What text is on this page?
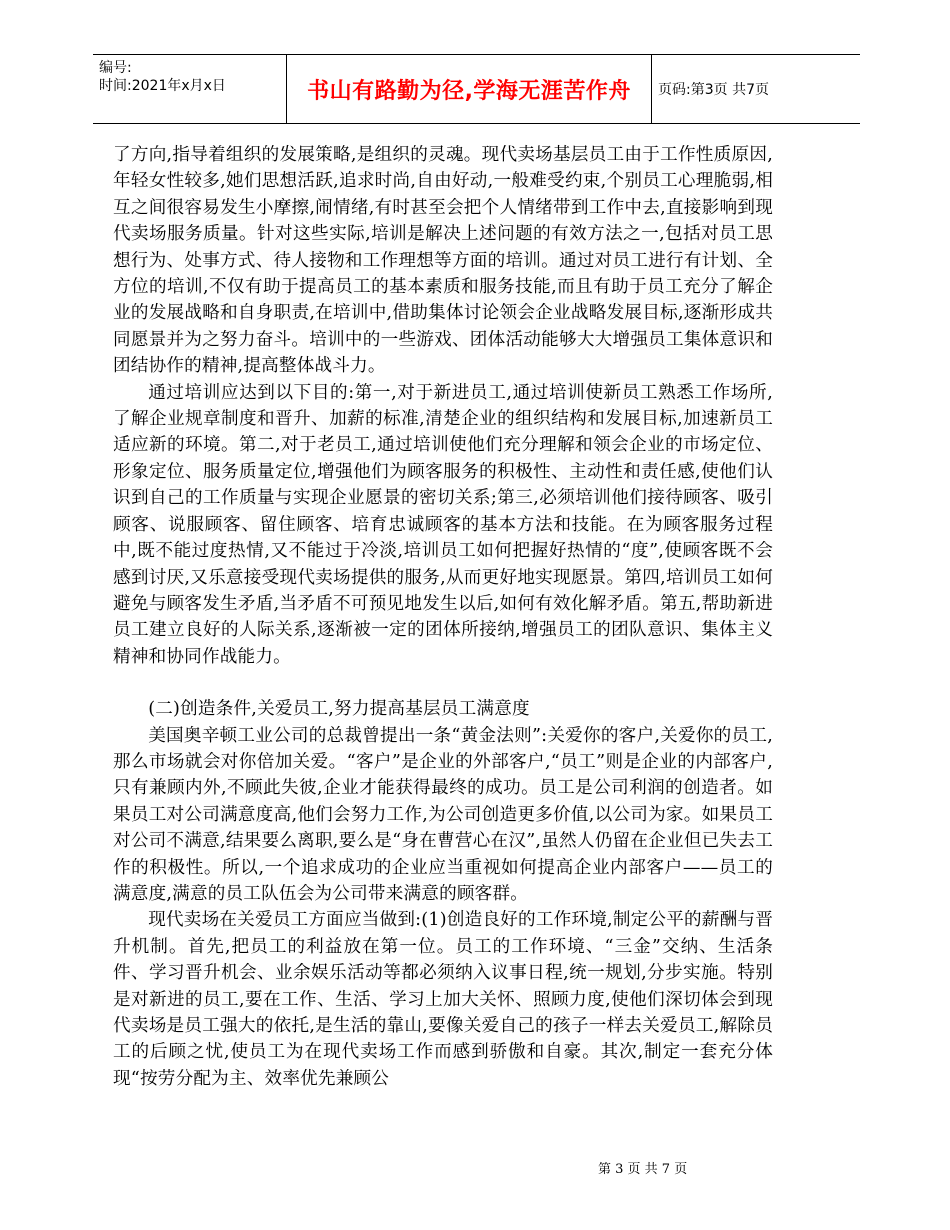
编号:
时间:2021年x月x日	书山有路勤为径,学海无涯苦作舟	页码:第3页 共7页

了方向,指导着组织的发展策略,是组织的灵魂。现代卖场基层员工由于工作性质原因,年轻女性较多,她们思想活跃,追求时尚,自由好动,一般难受约束,个别员工心理脆弱,相互之间很容易发生小摩擦,闹情绪,有时甚至会把个人情绪带到工作中去,直接影响到现代卖场服务质量。针对这些实际,培训是解决上述问题的有效方法之一,包括对员工思想行为、处事方式、待人接物和工作理想等方面的培训。通过对员工进行有计划、全方位的培训,不仅有助于提高员工的基本素质和服务技能,而且有助于员工充分了解企业的发展战略和自身职责,在培训中,借助集体讨论领会企业战略发展目标,逐渐形成共同愿景并为之努力奋斗。培训中的一些游戏、团体活动能够大大增强员工集体意识和团结协作的精神,提高整体战斗力。

通过培训应达到以下目的:第一,对于新进员工,通过培训使新员工熟悉工作场所,了解企业规章制度和晋升、加薪的标准,清楚企业的组织结构和发展目标,加速新员工适应新的环境。第二,对于老员工,通过培训使他们充分理解和领会企业的市场定位、形象定位、服务质量定位,增强他们为顾客服务的积极性、主动性和责任感,使他们认识到自己的工作质量与实现企业愿景的密切关系;第三,必须培训他们接待顾客、吸引顾客、说服顾客、留住顾客、培育忠诚顾客的基本方法和技能。在为顾客服务过程中,既不能过度热情,又不能过于冷淡,培训员工如何把握好热情的“度”,使顾客既不会感到讨厌,又乐意接受现代卖场提供的服务,从而更好地实现愿景。第四,培训员工如何避免与顾客发生矛盾,当矛盾不可预见地发生以后,如何有效化解矛盾。第五,帮助新进员工建立良好的人际关系,逐渐被一定的团体所接纳,增强员工的团队意识、集体主义精神和协同作战能力。

(二)创造条件,关爱员工,努力提高基层员工满意度

美国奥辛顿工业公司的总裁曾提出一条“黄金法则”:关爱你的客户,关爱你的员工,那么市场就会对你倍加关爱。“客户”是企业的外部客户,“员工”则是企业的内部客户,只有兼顾内外,不顾此失彼,企业才能获得最终的成功。员工是公司利润的创造者。如果员工对公司满意度高,他们会努力工作,为公司创造更多价值,以公司为家。如果员工对公司不满意,结果要么离职,要么是“身在曹营心在汉”,虽然人仍留在企业但已失去工作的积极性。所以,一个追求成功的企业应当重视如何提高企业内部客户——员工的满意度,满意的员工队伍会为公司带来满意的顾客群。

现代卖场在关爱员工方面应当做到:(1)创造良好的工作环境,制定公平的薪酬与晋升机制。首先,把员工的利益放在第一位。员工的工作环境、“三金”交纳、生活条件、学习晋升机会、业余娱乐活动等都必须纳入议事日程,统一规划,分步实施。特别是对新进的员工,要在工作、生活、学习上加大关怀、照顾力度,使他们深切体会到现代卖场是员工强大的依托,是生活的靠山,要像关爱自己的孩子一样去关爱员工,解除员工的后顾之忧,使员工为在现代卖场工作而感到骄傲和自豪。其次,制定一套充分体现“按劳分配为主、效率优先兼顾公

第 3 页 共 7 页
